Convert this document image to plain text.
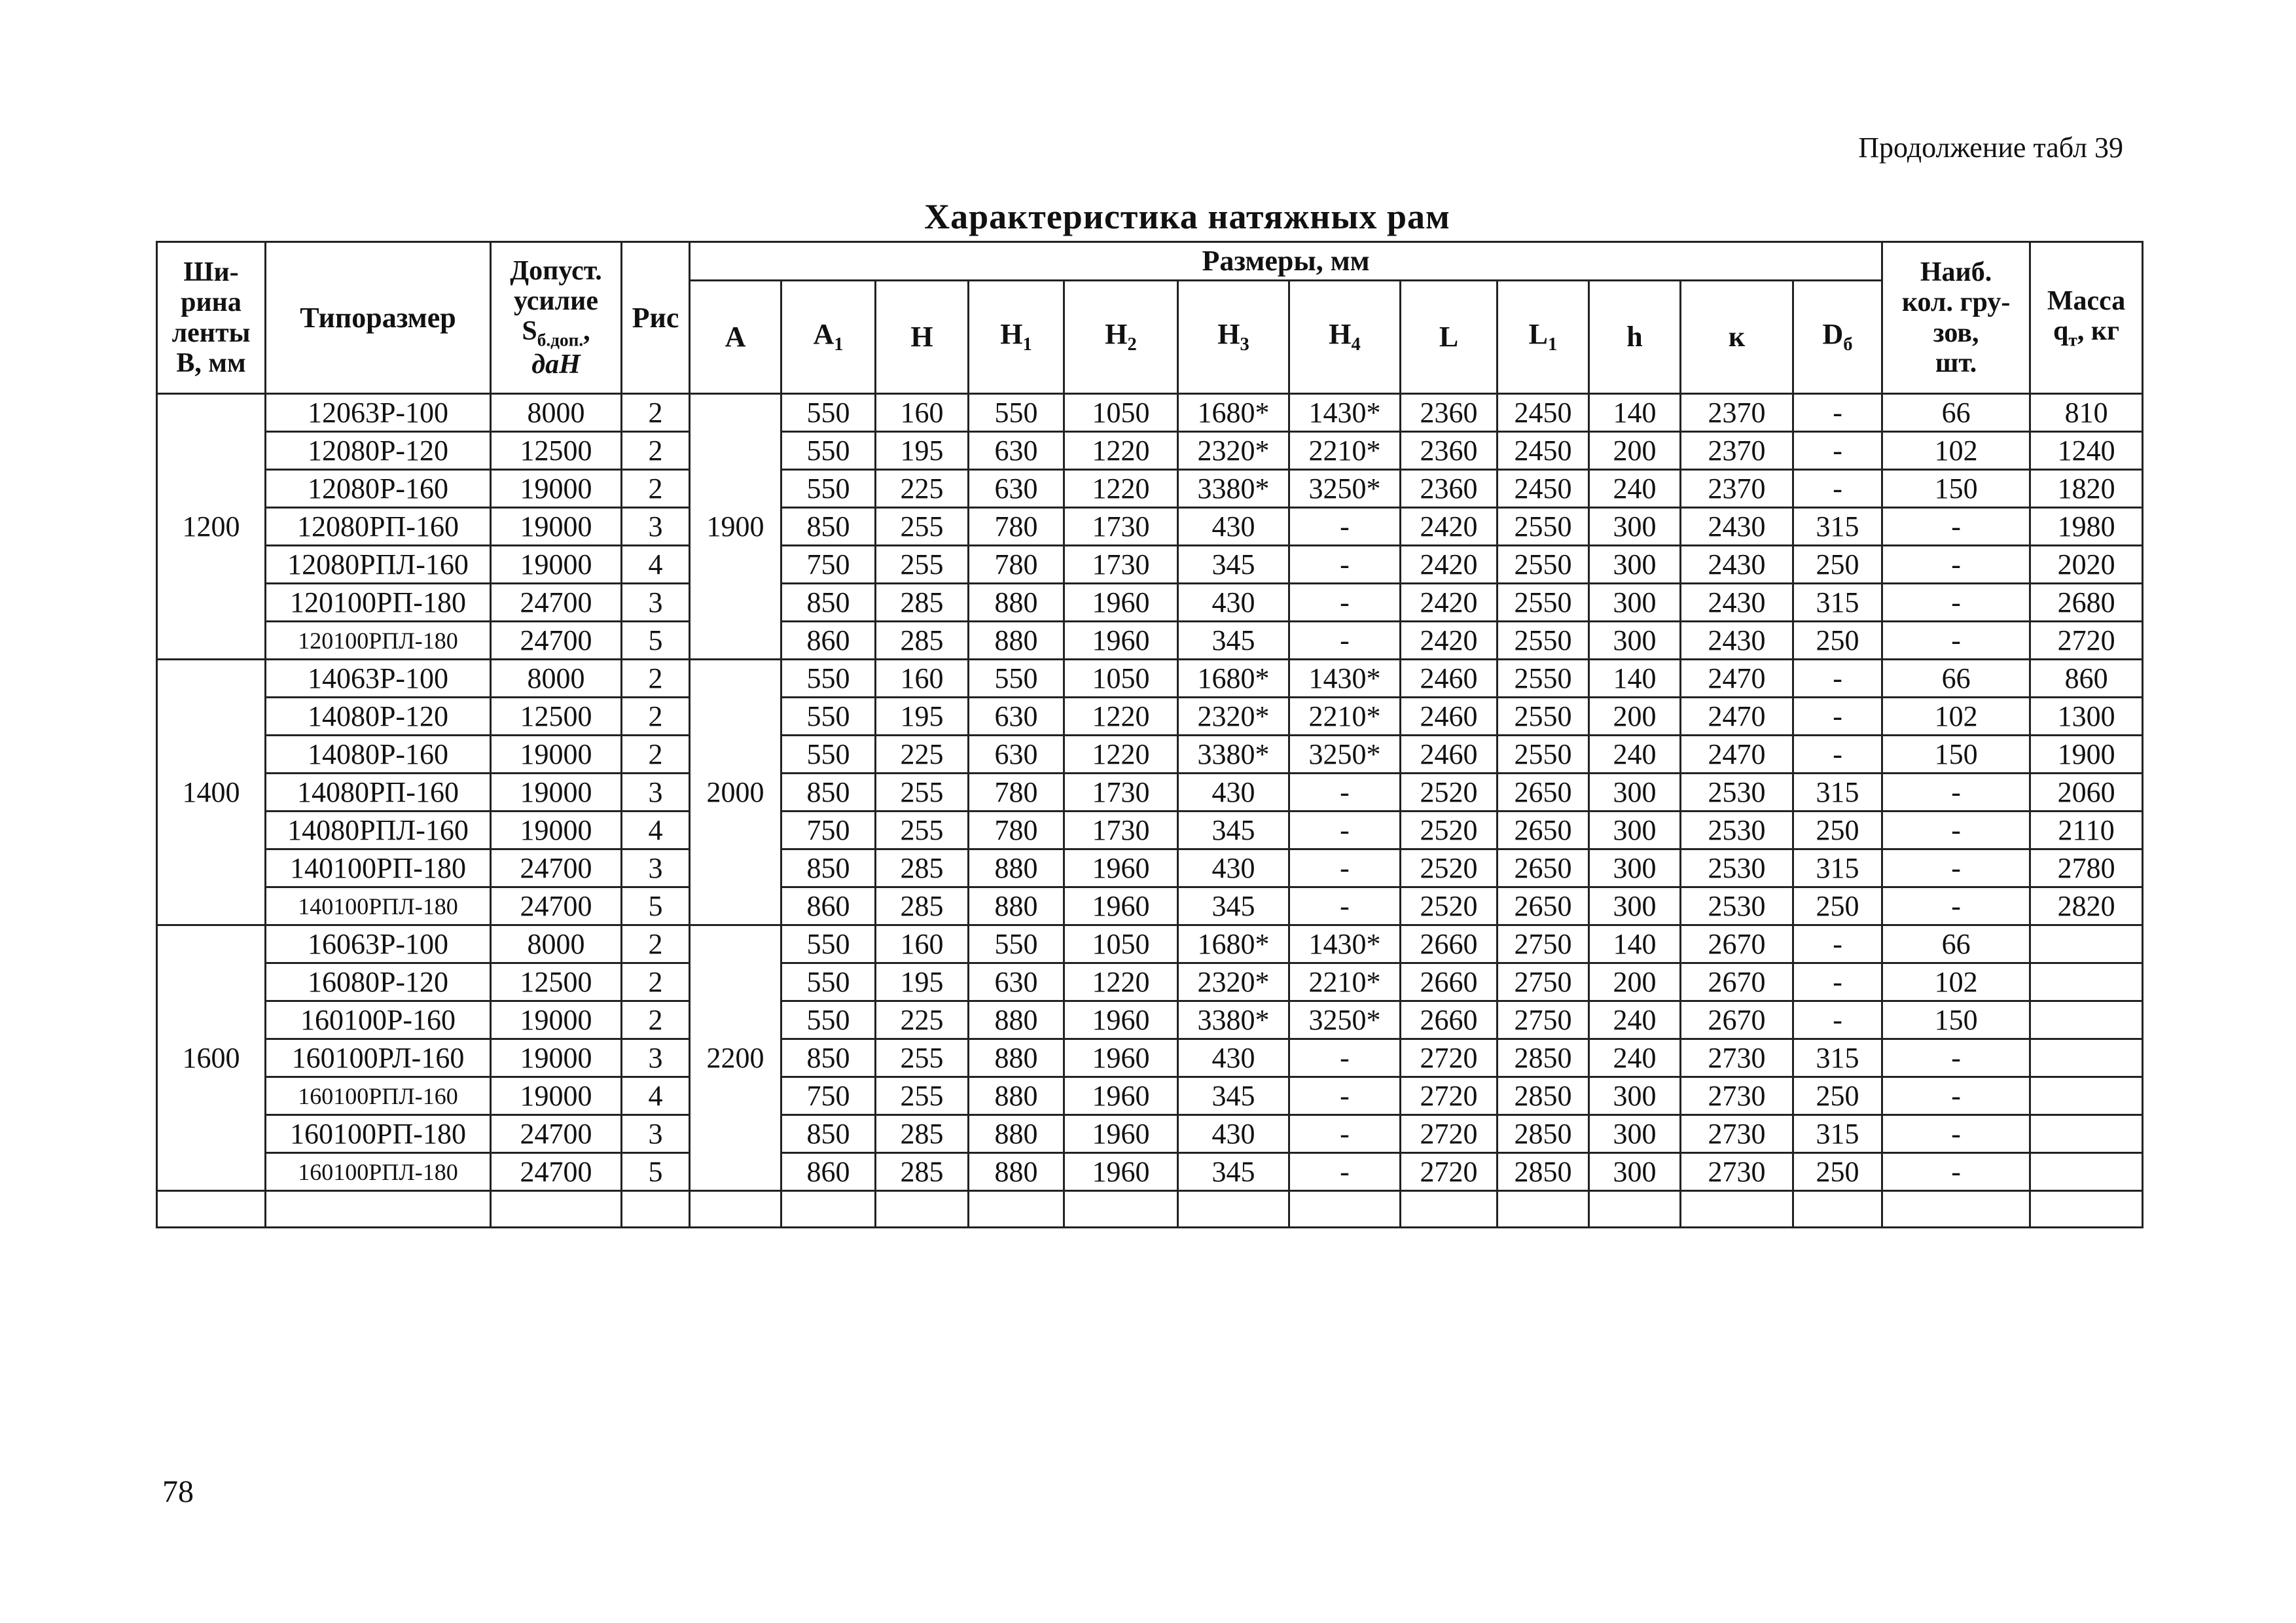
Продолжение табл 39
Характеристика натяжных рам
Ши-
рина
ленты
В, мм	Типоразмер	Допуст.
усилие
$S_{б.доп.}$,
даН	Рис	Размеры, мм												Наиб.
кол. гру-
зов,
шт.	Масса
$q_т$, кг

				A	$A_1$	H	$H_1$	$H_2$	$H_3$	$H_4$	L	$L_1$	h	к	$D_б$
1200	12063Р-100	8000	2	1900	550	160	550	1050	1680*	1430*	2360	2450	140	2370	-	66	810
	12080Р-120	12500	2		550	195	630	1220	2320*	2210*	2360	2450	200	2370	-	102	1240
	12080Р-160	19000	2		550	225	630	1220	3380*	3250*	2360	2450	240	2370	-	150	1820
	12080РП-160	19000	3		850	255	780	1730	430	-	2420	2550	300	2430	315	-	1980
	12080РПЛ-160	19000	4		750	255	780	1730	345	-	2420	2550	300	2430	250	-	2020
	120100РП-180	24700	3		850	285	880	1960	430	-	2420	2550	300	2430	315	-	2680
	120100РПЛ-180	24700	5		860	285	880	1960	345	-	2420	2550	300	2430	250	-	2720
1400	14063Р-100	8000	2	2000	550	160	550	1050	1680*	1430*	2460	2550	140	2470	-	66	860
	14080Р-120	12500	2		550	195	630	1220	2320*	2210*	2460	2550	200	2470	-	102	1300
	14080Р-160	19000	2		550	225	630	1220	3380*	3250*	2460	2550	240	2470	-	150	1900
	14080РП-160	19000	3		850	255	780	1730	430	-	2520	2650	300	2530	315	-	2060
	14080РПЛ-160	19000	4		750	255	780	1730	345	-	2520	2650	300	2530	250	-	2110
	140100РП-180	24700	3		850	285	880	1960	430	-	2520	2650	300	2530	315	-	2780
	140100РПЛ-180	24700	5		860	285	880	1960	345	-	2520	2650	300	2530	250	-	2820
1600	16063Р-100	8000	2	2200	550	160	550	1050	1680*	1430*	2660	2750	140	2670	-	66	
	16080Р-120	12500	2		550	195	630	1220	2320*	2210*	2660	2750	200	2670	-	102	
	160100Р-160	19000	2		550	225	880	1960	3380*	3250*	2660	2750	240	2670	-	150	
	160100РЛ-160	19000	3		850	255	880	1960	430	-	2720	2850	240	2730	315	-	
	160100РПЛ-160	19000	4		750	255	880	1960	345	-	2720	2850	300	2730	250	-	
	160100РП-180	24700	3		850	285	880	1960	430	-	2720	2850	300	2730	315	-	
	160100РПЛ-180	24700	5		860	285	880	1960	345	-	2720	2850	300	2730	250	-	

78
